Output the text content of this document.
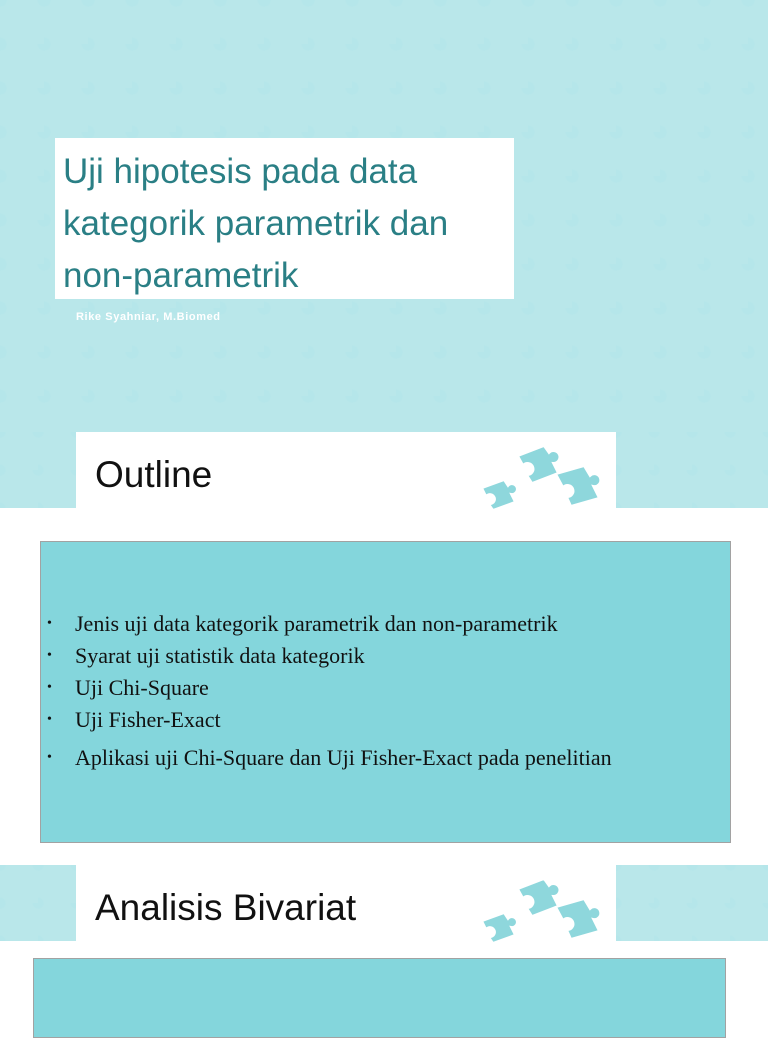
Uji hipotesis pada data kategorik parametrik dan non-parametrik
Rike Syahniar, M.Biomed
Outline
• Jenis uji data kategorik parametrik dan non-parametrik
• Syarat uji statistik data kategorik
• Uji Chi-Square
• Uji Fisher-Exact
• Aplikasi uji Chi-Square dan Uji Fisher-Exact pada penelitian
Analisis Bivariat
